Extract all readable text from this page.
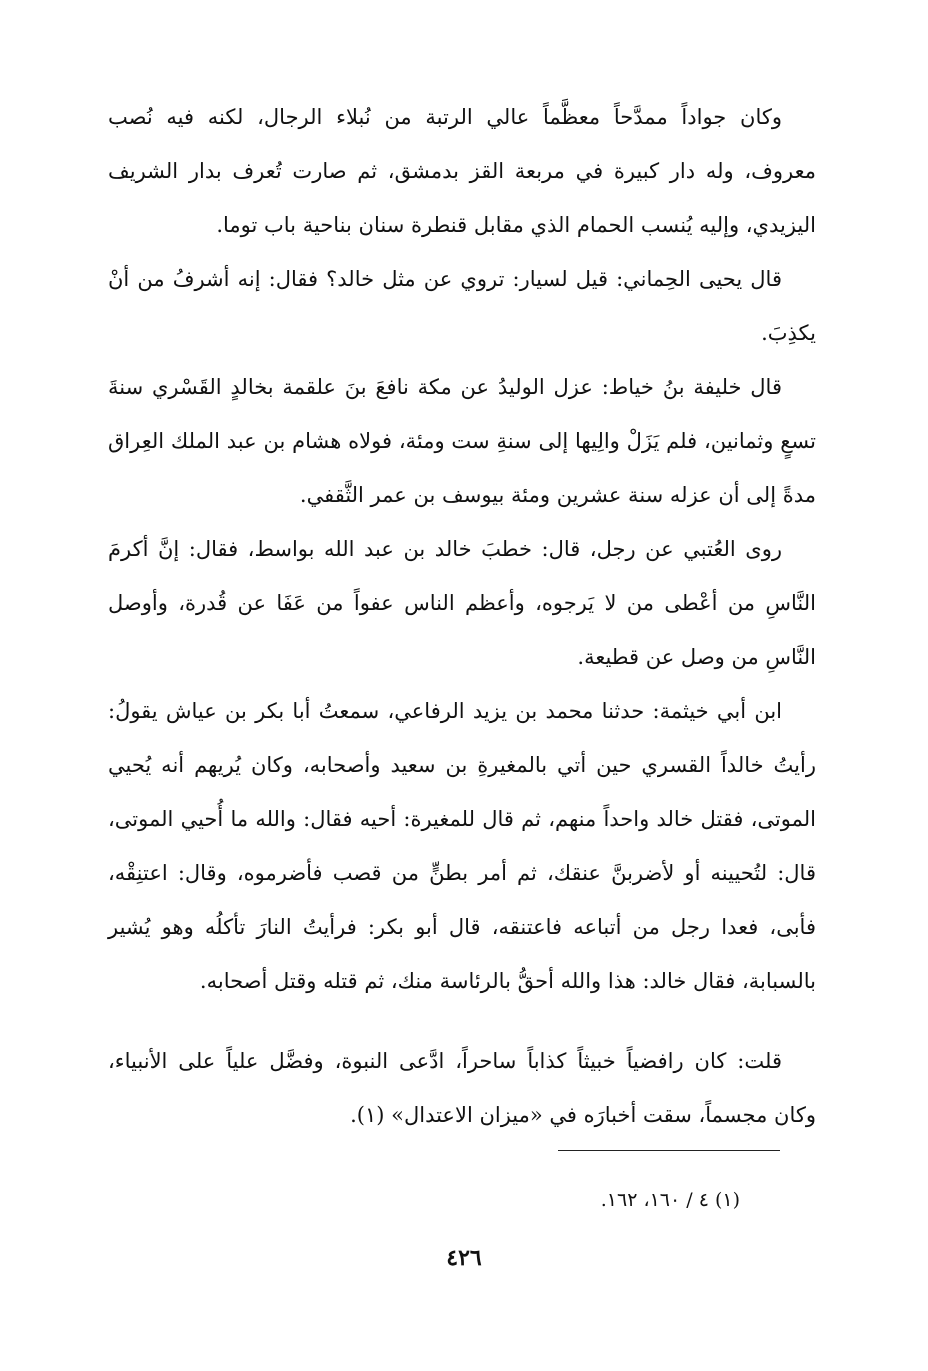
وكان جواداً ممدَّحاً معظَّماً عالي الرتبة من نُبلاء الرجال، لكنه فيه نُصب معروف، وله دار كبيرة في مربعة القز بدمشق، ثم صارت تُعرف بدار الشريف اليزيدي، وإليه يُنسب الحمام الذي مقابل قنطرة سنان بناحية باب توما.

قال يحيى الحِماني: قيل لسيار: تروي عن مثل خالد؟ فقال: إنه أشرفُ من أنْ يكذِبَ.

قال خليفة بنُ خياط: عزل الوليدُ عن مكة نافعَ بنَ علقمة بخالدٍ القَسْري سنةَ تسعٍ وثمانين، فلم يَزَلْ والِيها إلى سنةِ ست ومئة، فولاه هشام بن عبد الملك العِراق مدةً إلى أن عزله سنة عشرين ومئة بيوسف بن عمر الثَّقفي.

روى العُتبي عن رجل، قال: خطبَ خالد بن عبد الله بواسط، فقال: إنَّ أكرمَ النَّاسِ من أعْطى من لا يَرجوه، وأعظم الناس عفواً من عَفَا عن قُدرة، وأوصل النَّاسِ من وصل عن قطيعة.

ابن أبي خيثمة: حدثنا محمد بن يزيد الرفاعي، سمعتُ أبا بكر بن عياش يقولُ: رأيتُ خالداً القسري حين أتي بالمغيرةِ بن سعيد وأصحابه، وكان يُريهم أنه يُحيي الموتى، فقتل خالد واحداً منهم، ثم قال للمغيرة: أحيه فقال: والله ما أُحيي الموتى، قال: لتُحيينه أو لأضربنَّ عنقك، ثم أمر بطنٍّ من قصب فأضرموه، وقال: اعتنِقْه، فأبى، فعدا رجل من أتباعه فاعتنقه، قال أبو بكر: فرأيتُ النارَ تأكلُه وهو يُشير بالسبابة، فقال خالد: هذا والله أحقُّ بالرئاسة منك، ثم قتله وقتل أصحابه.

قلت: كان رافضياً خبيثاً كذاباً ساحراً، ادَّعى النبوة، وفضَّل علياً على الأنبياء، وكان مجسماً، سقت أخبارَه في «ميزان الاعتدال» (١).

(١) ٤ / ١٦٠، ١٦٢.
٤٢٦
